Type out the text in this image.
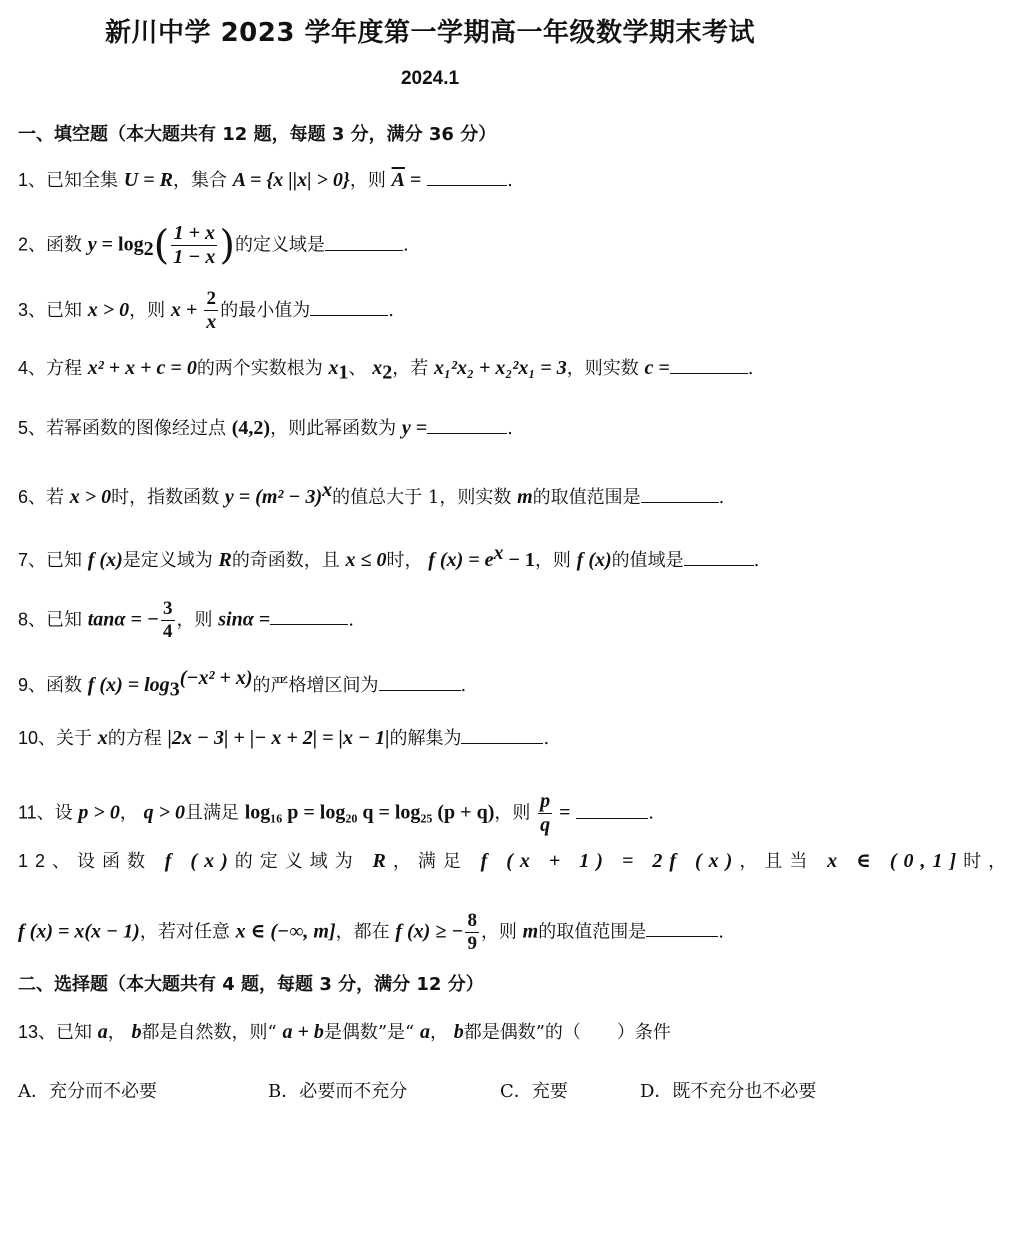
新川中学 2023 学年度第一学期高一年级数学期末考试
2024.1
一、填空题（本大题共有 12 题，每题 3 分，满分 36 分）
1、已知全集 U = R，集合 A = {x ||x| > 0}，则 $\overline{A}$ =	.
2、函数 $y = \log_2( \frac{1 + x}{1 - x}$ )的定义域是	.
3、已知 x > 0，则 $x + \frac{2}{x}$ 的最小值为	.
4、方程 x² + x + c = 0的两个实数根为 $x_1$、 $x_2$，若 x₁²x₂ + x₂²x₁ = 3，则实数 c =	.
5、若幂函数的图像经过点 (4,2)，则此幂函数为 y =	.
6、若 x > 0时，指数函数 $y = (m^2 - 3)^x$的值总大于 1，则实数 m的取值范围是	.
7、已知 f (x)是定义域为 R的奇函数，且 x ≤ 0时， f $(x) = e^x - 1$，则 f (x)的值域是	.
8、已知 tanα = − $\frac{3}{4}$ ，则 sinα =	.
9、函数 f $(x) = \log_3^{(-x^2 + x)}$的严格增区间为	.
10、关于 x的方程 |2x − 3| + |− x + 2| = |x − 1|的解集为	.
11、设 p > 0， q > 0且满足 log₁₆ p = log₂₀ q = log₂₅ (p + q)，则 $\frac{p}{q}$ =	.
12、设函数 f (x)的定义域为 R，满足 f (x + 1) = 2f (x)，且当 x ∈ (0,1]时，
f (x) = x(x − 1)，若对任意 x ∈ (−∞, m]，都在 f (x) ≥ − $\frac{8}{9}$ ，则 m的取值范围是	.
二、选择题（本大题共有 4 题，每题 3 分，满分 12 分）
13、已知 a， b都是自然数，则“ a + b是偶数”是“ a， b都是偶数”的（　　）条件
A．充分而不必要	B．必要而不充分	C．充要	D．既不充分也不必要
